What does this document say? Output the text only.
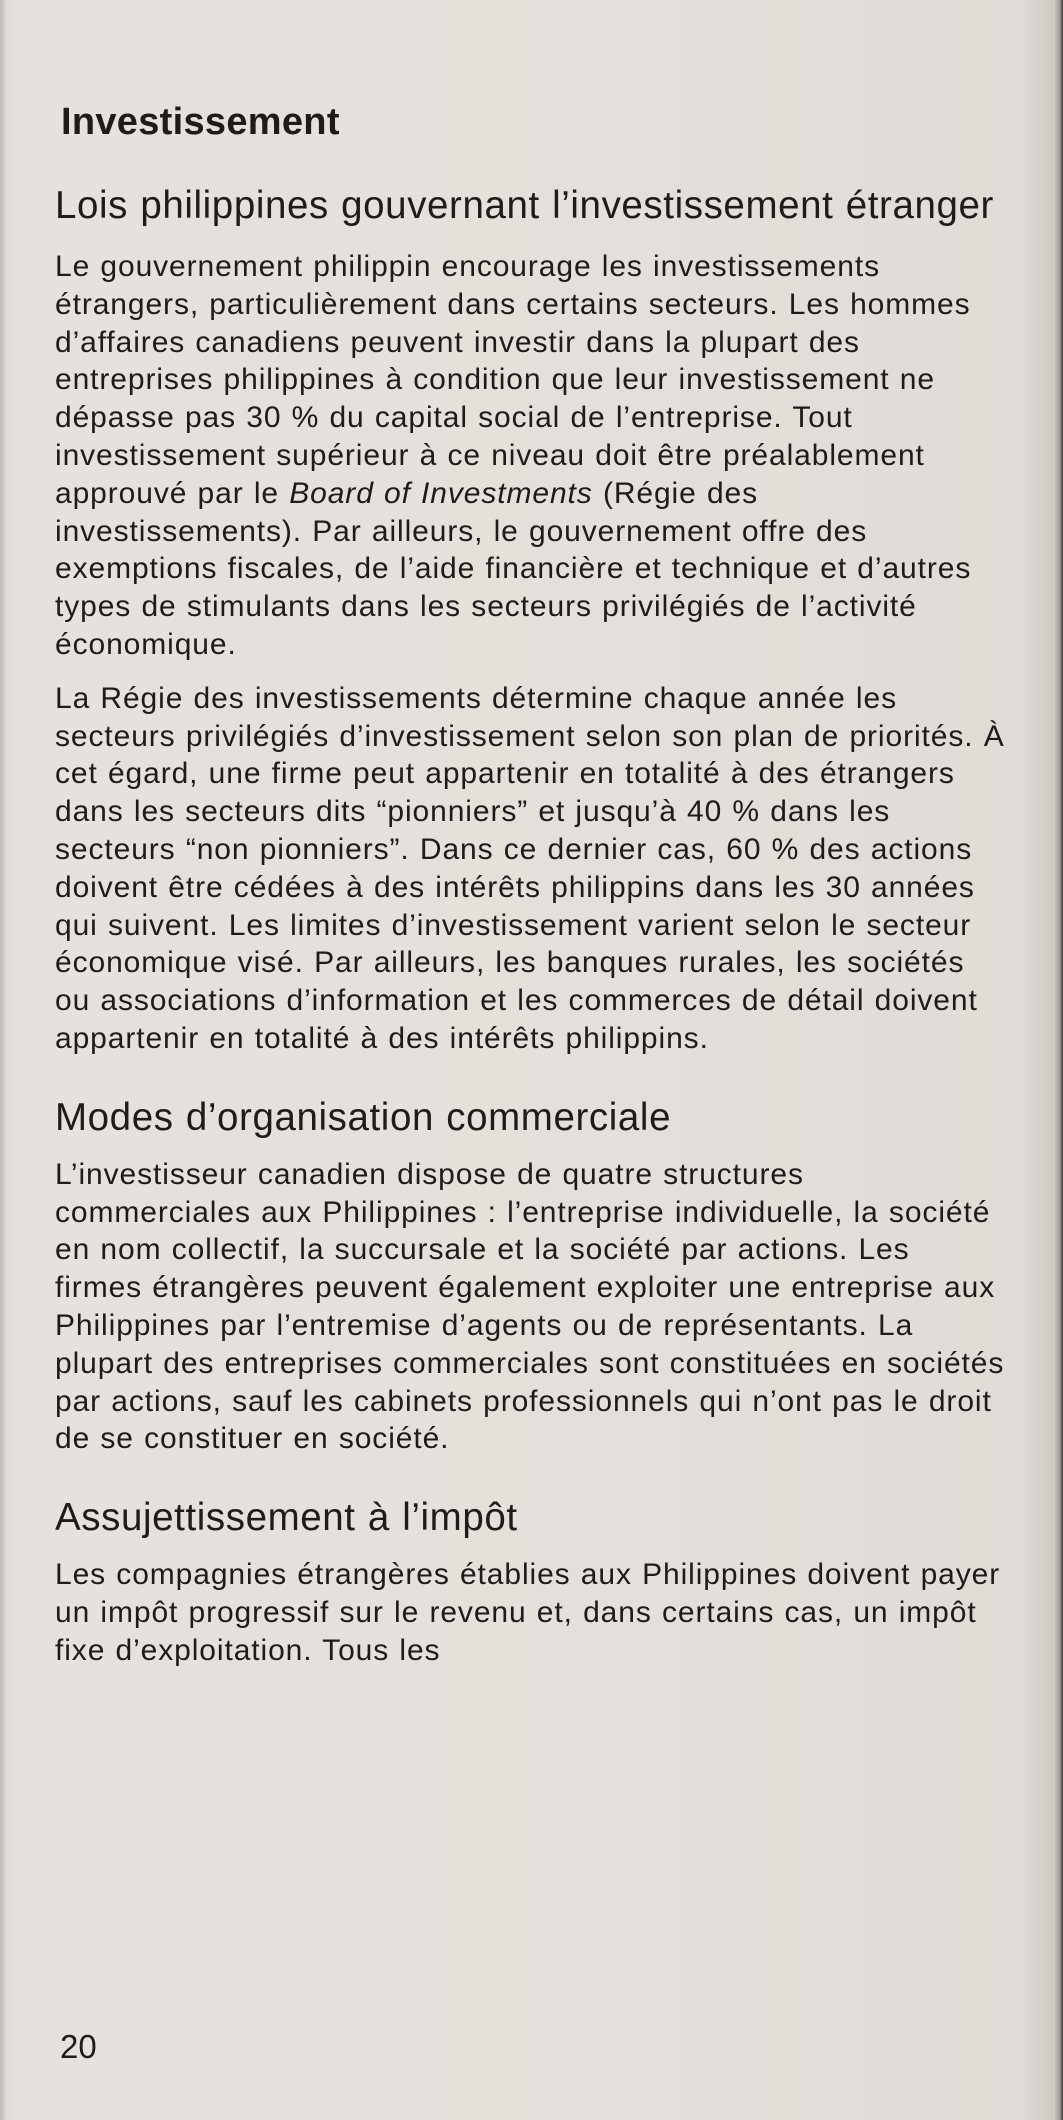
Investissement
Lois philippines gouvernant l’investissement étranger

Le gouvernement philippin encourage les investissements étrangers, particulièrement dans certains secteurs. Les hommes d’affaires canadiens peuvent investir dans la plupart des entreprises philippines à condition que leur investissement ne dépasse pas 30 % du capital social de l’entreprise. Tout investissement supérieur à ce niveau doit être préalablement approuvé par le Board of Investments (Régie des investissements). Par ailleurs, le gouvernement offre des exemptions fiscales, de l’aide financière et technique et d’autres types de stimulants dans les secteurs privilégiés de l’activité économique.

La Régie des investissements détermine chaque année les secteurs privilégiés d’investissement selon son plan de priorités. À cet égard, une firme peut appartenir en totalité à des étrangers dans les secteurs dits “pionniers” et jusqu’à 40 % dans les secteurs “non pionniers”. Dans ce dernier cas, 60 % des actions doivent être cédées à des intérêts philippins dans les 30 années qui suivent. Les limites d’investissement varient selon le secteur économique visé. Par ailleurs, les banques rurales, les sociétés ou associations d’information et les commerces de détail doivent appartenir en totalité à des intérêts philippins.

Modes d’organisation commerciale

L’investisseur canadien dispose de quatre structures commerciales aux Philippines : l’entreprise individuelle, la société en nom collectif, la succursale et la société par actions. Les firmes étrangères peuvent également exploiter une entreprise aux Philippines par l’entremise d’agents ou de représentants. La plupart des entreprises commerciales sont constituées en sociétés par actions, sauf les cabinets professionnels qui n’ont pas le droit de se constituer en société.

Assujettissement à l’impôt

Les compagnies étrangères établies aux Philippines doivent payer un impôt progressif sur le revenu et, dans certains cas, un impôt fixe d’exploitation. Tous les

20
